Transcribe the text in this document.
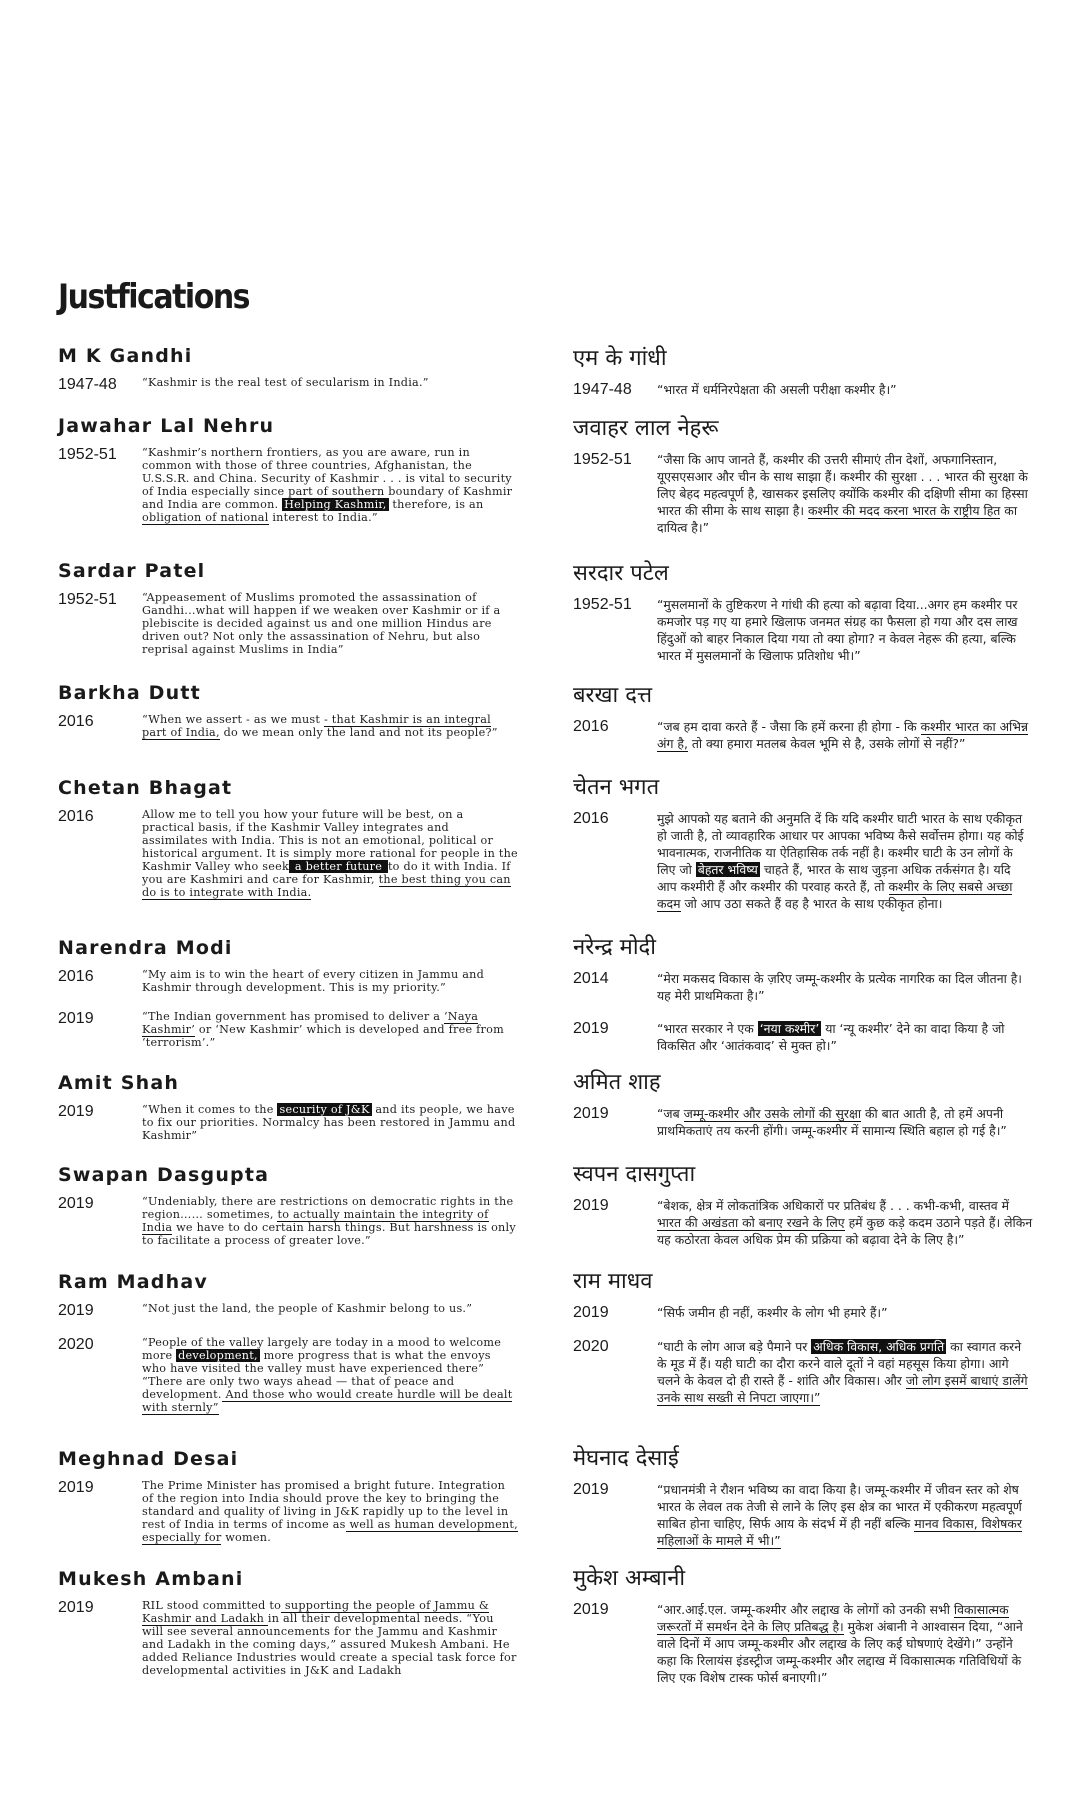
Justfications
M K Gandhi
1947-48	“Kashmir is the real test of secularism in India.”
Jawahar Lal Nehru
1952-51	“Kashmir’s northern frontiers, as you are aware, run in common with those of three countries, Afghanistan, the U.S.S.R. and China. Security of Kashmir . . . is vital to security of India especially since part of southern boundary of Kashmir and India are common. Helping Kashmir, therefore, is an obligation of national interest to India.”
Sardar Patel
1952-51	“Appeasement of Muslims promoted the assassination of Gandhi...what will happen if we weaken over Kashmir or if a plebiscite is decided against us and one million Hindus are driven out? Not only the assassination of Nehru, but also reprisal against Muslims in India”
Barkha Dutt
2016	“When we assert - as we must - that Kashmir is an integral part of India, do we mean only the land and not its people?”
Chetan Bhagat
2016	Allow me to tell you how your future will be best, on a practical basis, if the Kashmir Valley integrates and assimilates with India. This is not an emotional, political or historical argument. It is simply more rational for people in the Kashmir Valley who seek a better future to do it with India. If you are Kashmiri and care for Kashmir, the best thing you can do is to integrate with India.
Narendra Modi
2016	“My aim is to win the heart of every citizen in Jammu and Kashmir through development. This is my priority.”
2019	“The Indian government has promised to deliver a ‘Naya Kashmir’ or ‘New Kashmir’ which is developed and free from ‘terrorism’.”
Amit Shah
2019	“When it comes to the security of J&K and its people, we have to fix our priorities. Normalcy has been restored in Jammu and Kashmir”
Swapan Dasgupta
2019	“Undeniably, there are restrictions on democratic rights in the region…… sometimes, to actually maintain the integrity of India we have to do certain harsh things. But harshness is only to facilitate a process of greater love.”
Ram Madhav
2019	“Not just the land, the people of Kashmir belong to us.”
2020	“People of the valley largely are today in a mood to welcome more development, more progress that is what the envoys who have visited the valley must have experienced there” “There are only two ways ahead — that of peace and development. And those who would create hurdle will be dealt with sternly”
Meghnad Desai
2019	The Prime Minister has promised a bright future. Integration of the region into India should prove the key to bringing the standard and quality of living in J&K rapidly up to the level in rest of India in terms of income as well as human development, especially for women.
Mukesh Ambani
2019	RIL stood committed to supporting the people of Jammu & Kashmir and Ladakh in all their developmental needs. “You will see several announcements for the Jammu and Kashmir and Ladakh in the coming days,” assured Mukesh Ambani. He added Reliance Industries would create a special task force for developmental activities in J&K and Ladakh
एम के गांधी
1947-48	“भारत में धर्मनिरपेक्षता की असली परीक्षा कश्मीर है।”
जवाहर लाल नेहरू
1952-51	“जैसा कि आप जानते हैं, कश्मीर की उत्तरी सीमाएं तीन देशों, अफगानिस्तान, यूएसएसआर और चीन के साथ साझा हैं। कश्मीर की सुरक्षा . . . भारत की सुरक्षा के लिए बेहद महत्वपूर्ण है, खासकर इसलिए क्योंकि कश्मीर की दक्षिणी सीमा का हिस्सा भारत की सीमा के साथ साझा है। कश्मीर की मदद करना भारत के राष्ट्रीय हित का दायित्व है।”
सरदार पटेल
1952-51	“मुसलमानों के तुष्टिकरण ने गांधी की हत्या को बढ़ावा दिया...अगर हम कश्मीर पर कमजोर पड़ गए या हमारे खिलाफ जनमत संग्रह का फैसला हो गया और दस लाख हिंदुओं को बाहर निकाल दिया गया तो क्या होगा? न केवल नेहरू की हत्या, बल्कि भारत में मुसलमानों के खिलाफ प्रतिशोध भी।”
बरखा दत्त
2016	“जब हम दावा करते हैं - जैसा कि हमें करना ही होगा - कि कश्मीर भारत का अभिन्न अंग है, तो क्या हमारा मतलब केवल भूमि से है, उसके लोगों से नहीं?”
चेतन भगत
2016	मुझे आपको यह बताने की अनुमति दें कि यदि कश्मीर घाटी भारत के साथ एकीकृत हो जाती है, तो व्यावहारिक आधार पर आपका भविष्य कैसे सर्वोत्तम होगा। यह कोई भावनात्मक, राजनीतिक या ऐतिहासिक तर्क नहीं है। कश्मीर घाटी के उन लोगों के लिए जो बेहतर भविष्य चाहते हैं, भारत के साथ जुड़ना अधिक तर्कसंगत है। यदि आप कश्मीरी हैं और कश्मीर की परवाह करते हैं, तो कश्मीर के लिए सबसे अच्छा कदम जो आप उठा सकते हैं वह है भारत के साथ एकीकृत होना।
नरेन्द्र मोदी
2014	“मेरा मकसद विकास के ज़रिए जम्मू-कश्मीर के प्रत्येक नागरिक का दिल जीतना है। यह मेरी प्राथमिकता है।”
2019	“भारत सरकार ने एक ‘नया कश्मीर’ या ‘न्यू कश्मीर’ देने का वादा किया है जो विकसित और ‘आतंकवाद’ से मुक्त हो।”
अमित शाह
2019	“जब जम्मू-कश्मीर और उसके लोगों की सुरक्षा की बात आती है, तो हमें अपनी प्राथमिकताएं तय करनी होंगी। जम्मू-कश्मीर में सामान्य स्थिति बहाल हो गई है।”
स्वपन दासगुप्ता
2019	“बेशक, क्षेत्र में लोकतांत्रिक अधिकारों पर प्रतिबंध हैं . . . कभी-कभी, वास्तव में भारत की अखंडता को बनाए रखने के लिए हमें कुछ कड़े कदम उठाने पड़ते हैं। लेकिन यह कठोरता केवल अधिक प्रेम की प्रक्रिया को बढ़ावा देने के लिए है।”
राम माधव
2019	“सिर्फ जमीन ही नहीं, कश्मीर के लोग भी हमारे हैं।”
2020	“घाटी के लोग आज बड़े पैमाने पर अधिक विकास, अधिक प्रगति का स्वागत करने के मूड में हैं। यही घाटी का दौरा करने वाले दूतों ने वहां महसूस किया होगा। आगे चलने के केवल दो ही रास्ते हैं - शांति और विकास। और जो लोग इसमें बाधाएं डालेंगे उनके साथ सख्ती से निपटा जाएगा।”
मेघनाद देसाई
2019	“प्रधानमंत्री ने रौशन भविष्य का वादा किया है। जम्मू-कश्मीर में जीवन स्तर को शेष भारत के लेवल तक तेजी से लाने के लिए इस क्षेत्र का भारत में एकीकरण महत्वपूर्ण साबित होना चाहिए, सिर्फ आय के संदर्भ में ही नहीं बल्कि मानव विकास, विशेषकर महिलाओं के मामले में भी।”
मुकेश अम्बानी
2019	“आर.आई.एल. जम्मू-कश्मीर और लद्दाख के लोगों को उनकी सभी विकासात्मक जरूरतों में समर्थन देने के लिए प्रतिबद्ध है। मुकेश अंबानी ने आश्वासन दिया, “आने वाले दिनों में आप जम्मू-कश्मीर और लद्दाख के लिए कई घोषणाएं देखेंगे।” उन्होंने कहा कि रिलायंस इंडस्ट्रीज जम्मू-कश्मीर और लद्दाख में विकासात्मक गतिविधियों के लिए एक विशेष टास्क फोर्स बनाएगी।”
